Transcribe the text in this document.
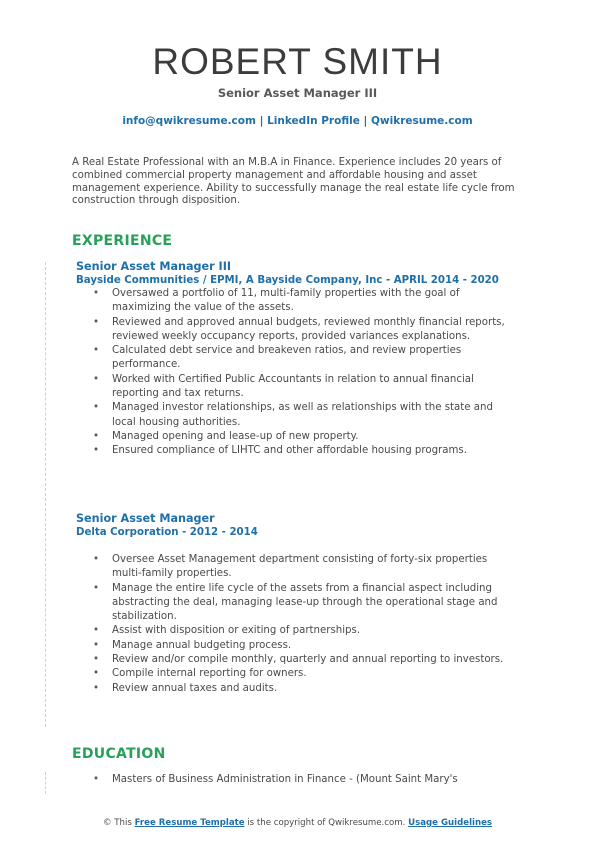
ROBERT SMITH
Senior Asset Manager III
info@qwikresume.com | LinkedIn Profile | Qwikresume.com
A Real Estate Professional with an M.B.A in Finance. Experience includes 20 years of combined commercial property management and affordable housing and asset management experience. Ability to successfully manage the real estate life cycle from construction through disposition.
EXPERIENCE
Senior Asset Manager III
Bayside Communities / EPMI, A Bayside Company, Inc - APRIL 2014 - 2020
• Oversawed a portfolio of 11, multi-family properties with the goal of maximizing the value of the assets.
• Reviewed and approved annual budgets, reviewed monthly financial reports, reviewed weekly occupancy reports, provided variances explanations.
• Calculated debt service and breakeven ratios, and review properties performance.
• Worked with Certified Public Accountants in relation to annual financial reporting and tax returns.
• Managed investor relationships, as well as relationships with the state and local housing authorities.
• Managed opening and lease-up of new property.
• Ensured compliance of LIHTC and other affordable housing programs.
Senior Asset Manager
Delta Corporation - 2012 - 2014
• Oversee Asset Management department consisting of forty-six properties multi-family properties.
• Manage the entire life cycle of the assets from a financial aspect including abstracting the deal, managing lease-up through the operational stage and stabilization.
• Assist with disposition or exiting of partnerships.
• Manage annual budgeting process.
• Review and/or compile monthly, quarterly and annual reporting to investors.
• Compile internal reporting for owners.
• Review annual taxes and audits.
EDUCATION
• Masters of Business Administration in Finance - (Mount Saint Mary's
© This Free Resume Template is the copyright of Qwikresume.com. Usage Guidelines
